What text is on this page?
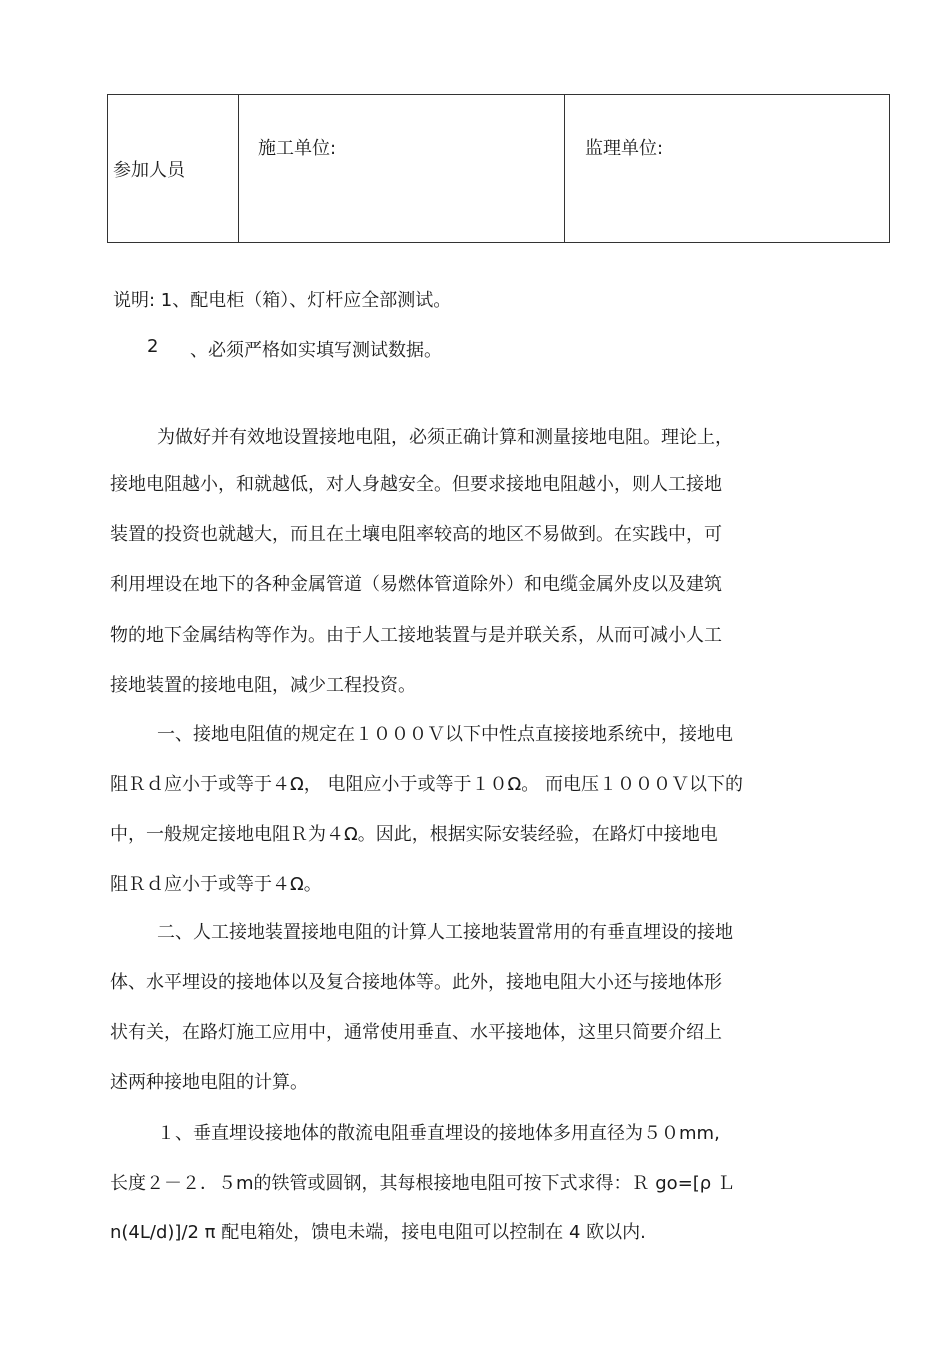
参加人员
施工单位:	监理单位:
说明: 1、配电柜（箱）、灯杆应全部测试。
2 、必须严格如实填写测试数据。
为做好并有效地设置接地电阻，必须正确计算和测量接地电阻。理论上，
接地电阻越小，和就越低，对人身越安全。但要求接地电阻越小，则人工接地
装置的投资也就越大，而且在土壤电阻率较高的地区不易做到。在实践中，可
利用埋设在地下的各种金属管道（易燃体管道除外）和电缆金属外皮以及建筑
物的地下金属结构等作为。由于人工接地装置与是并联关系，从而可减小人工
接地装置的接地电阻，减少工程投资。
一、接地电阻值的规定在１０００Ｖ以下中性点直接接地系统中，接地电
阻Ｒｄ应小于或等于４Ω， 电阻应小于或等于１０Ω。 而电压１０００Ｖ以下的
中，一般规定接地电阻Ｒ为４Ω。因此，根据实际安装经验，在路灯中接地电
阻Ｒｄ应小于或等于４Ω。
二、人工接地装置接地电阻的计算人工接地装置常用的有垂直埋设的接地
体、水平埋设的接地体以及复合接地体等。此外，接地电阻大小还与接地体形
状有关，在路灯施工应用中，通常使用垂直、水平接地体，这里只简要介绍上
述两种接地电阻的计算。
１、垂直埋设接地体的散流电阻垂直埋设的接地体多用直径为５０mm,
长度２－２．５m的铁管或圆钢，其每根接地电阻可按下式求得：Ｒ go=[ρ Ｌ
n(4L/d)]/2 π 配电箱处，馈电未端，接电电阻可以控制在 4 欧以内.
